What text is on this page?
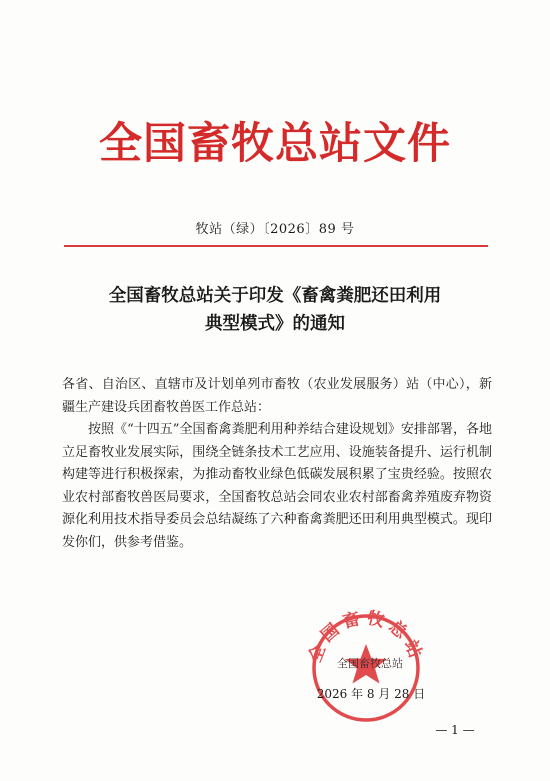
全国畜牧总站文件
牧站（绿）〔2026〕89 号
全国畜牧总站关于印发《畜禽粪肥还田利用
典型模式》的通知

各省、自治区、直辖市及计划单列市畜牧（农业发展服务）站（中心），新疆生产建设兵团畜牧兽医工作总站：

按照《“十四五”全国畜禽粪肥利用种养结合建设规划》安排部署，各地立足畜牧业发展实际，围绕全链条技术工艺应用、设施装备提升、运行机制构建等进行积极探索，为推动畜牧业绿色低碳发展积累了宝贵经验。按照农业农村部畜牧兽医局要求，全国畜牧总站会同农业农村部畜禽养殖废弃物资源化利用技术指导委员会总结凝练了六种畜禽粪肥还田利用典型模式。现印发你们，供参考借鉴。

全国畜牧总站
全国畜牧总站
2026 年 8 月 28 日
— 1 —
